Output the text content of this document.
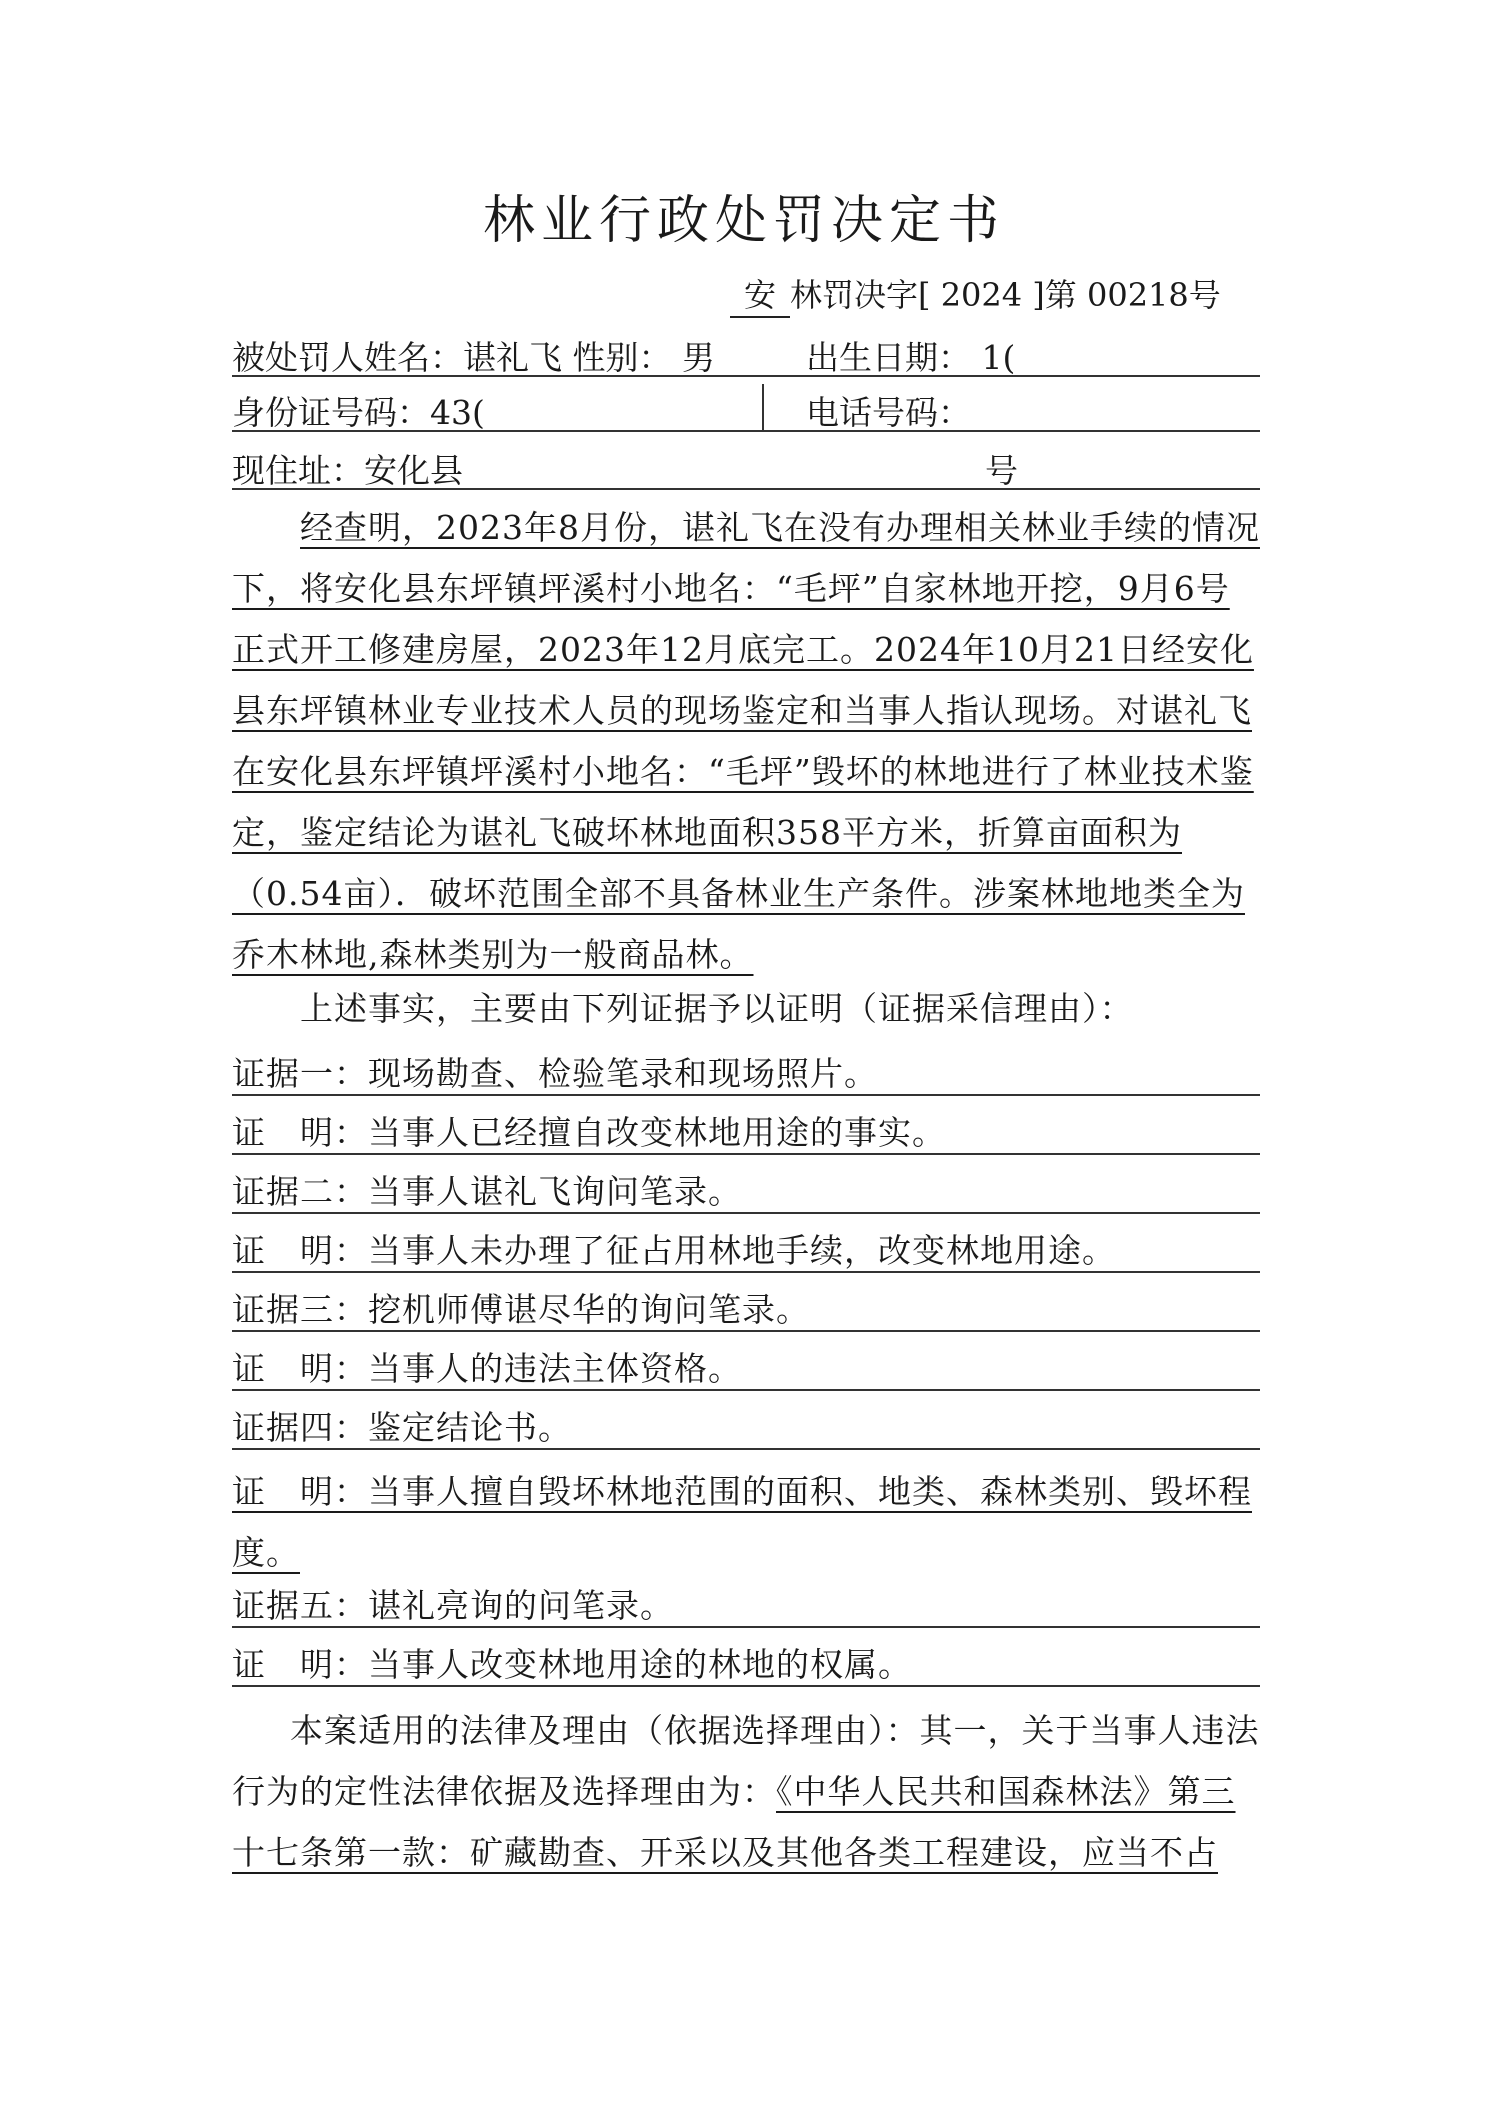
林业行政处罚决定书
安 林罚决字[ 2024 ]第 00218号
被处罚人姓名：谌礼飞 性别： 男	出生日期： 1(
身份证号码：43(	电话号码：
现住址：安化县	号
经查明，2023年8月份，谌礼飞在没有办理相关林业手续的情况下，将安化县东坪镇坪溪村小地名：“毛坪”自家林地开挖，9月6号正式开工修建房屋，2023年12月底完工。2024年10月21日经安化县东坪镇林业专业技术人员的现场鉴定和当事人指认现场。对谌礼飞在安化县东坪镇坪溪村小地名：“毛坪”毁坏的林地进行了林业技术鉴定，鉴定结论为谌礼飞破坏林地面积358平方米，折算亩面积为（0.54亩）．破坏范围全部不具备林业生产条件。涉案林地地类全为乔木林地,森林类别为一般商品林。
上述事实，主要由下列证据予以证明（证据采信理由）：
证据一：现场勘查、检验笔录和现场照片。
证　明：当事人已经擅自改变林地用途的事实。
证据二：当事人谌礼飞询问笔录。
证　明：当事人未办理了征占用林地手续，改变林地用途。
证据三：挖机师傅谌尽华的询问笔录。
证　明：当事人的违法主体资格。
证据四：鉴定结论书。
证　明：当事人擅自毁坏林地范围的面积、地类、森林类别、毁坏程度。
证据五：谌礼亮询的问笔录。
证　明：当事人改变林地用途的林地的权属。
本案适用的法律及理由（依据选择理由）：其一，关于当事人违法行为的定性法律依据及选择理由为：《中华人民共和国森林法》第三十七条第一款：矿藏勘查、开采以及其他各类工程建设，应当不占
